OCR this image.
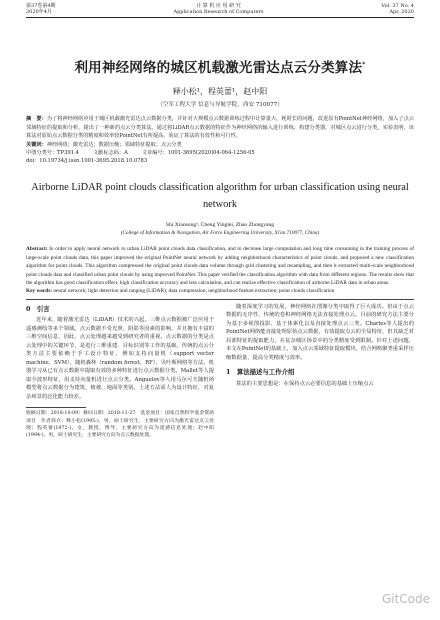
第37卷第4期
2020年4月
计 算 机 应 用 研 究
Application Research of Computers
Vol. 37 No. 4
Apr. 2020
利用神经网络的城区机载激光雷达点云分类算法*
释小松¹，程英蕾¹，赵中阳
（空军工程大学 信息与导航学院，西安 710077）
摘　要：为了将神经网络应用于城区机载激光雷达点云数据分类，并针对大规模点云数据训练过程中计算量大、耗时长的问题，改进原有PointNet神经网络，加入了点云邻域特征的提取和分析，提出了一种新的点云分类算法。通过将LiDAR点云数据的特征作为神经网络的输入进行训练，构建分类器，对城区点云进行分类。实验表明，该算法对原始点云数据分类的精度和效率较PointNet有所提高，验证了算法的有效性和可行性。
关键词：神经网络；激光雷达；数据压缩；邻域特征提取；点云分类
中图分类号：TP391.4	文献标志码：A	文章编号：1001-3695(2020)04-064-1256-05
doi：10.19734/j.issn.1001-3695.2018.10.0783
Airborne LiDAR point clouds classification algorithm for urban classification using neural network
Shi Xiaosong¹, Cheng Yinglei, Zhao Zhongyang
(College of Information & Navigation, Air Force Engineering University, Xi'an 710077, China)
Abstract: In order to apply neural network to urban LiDAR point clouds data classification, and to decrease large computation and long time consuming in the training process of large-scale point clouds data, this paper improved the original PointNet neural network by adding neighborhood characteristics of point clouds, and proposed a new classification algorithm for point clouds. This algorithm compressed the original point clouds data volume through grid clustering and resampling, and then it extracted multi-scale neighborhood point clouds data and classified urban point clouds by using improved PointNet. This paper verified the classification algorithm with data from different regions. The results show that the algorithm has good classification effect, high classification accuracy and less calculation, and can realize effective classification of airborne LiDAR data in urban areas.
Key words: neural network; light detection and ranging (LiDAR); data compression; neighborhood feature extraction; point clouds classification
0　引言

近年来，随着激光雷达（LiDAR）技术的兴起，三维点云数据被广泛应用于遥感测绘等多个领域。点云数据不受光照、阴影等因素的影响，并且拥有丰富的三维空间信息，因此，点云处理越来越受到研究者的重视。点云数据的分类是点云处理中的关键环节，是进行三维重建、目标识别等工作的基础。传统的点云分类方法主要依赖于手工设计特征，例如支持向量机（support vector machine，SVM）、随机森林（random forest，RF）、贝叶斯网络等方法。机器学习从已有点云数据中提取有效的多种特征进行点云数据分类。Mallet等人提取全波形特征，用支持向量机进行点云分类。Anguelov等人用马尔可夫随机场模型将点云数据分为建筑、植被、地面等类别。上述方法需人为设计特征，对复杂场景的泛化能力较差。

收稿日期：2018-10-09；修回日期：2018-11-27　基金项目：国家自然科学基金资助项目　作者简介：释小松(1995-)，男，硕士研究生，主要研究方向为激光雷达点云处理；程英蕾(1972-)，女，教授，博导，主要研究方向为遥感信息处理；赵中阳(1994-)，男，硕士研究生，主要研究方向为点云数据处理。

随着深度学习的发展，神经网络在图像分类中取得了巨大成功。但由于点云数据的无序性，传统的卷积神经网络无法直接处理点云。目前的研究方法主要分为基于多视图投影、基于体素化以及直接处理点云三类。Charles等人提出的PointNet网络能直接处理原始点云数据，有效提取点云的全局特征，但其缺乏对局部特征的提取能力，在复杂城区场景中的分类精度受到限制。针对上述问题，本文在PointNet的基础上，加入点云邻域特征提取模块，结合网格聚类重采样压缩数据量，提高分类精度与效率。

1　算法描述与工作介绍

算法的主要思想是：在保持点云必要信息的基础上压缩点云

GitCode
